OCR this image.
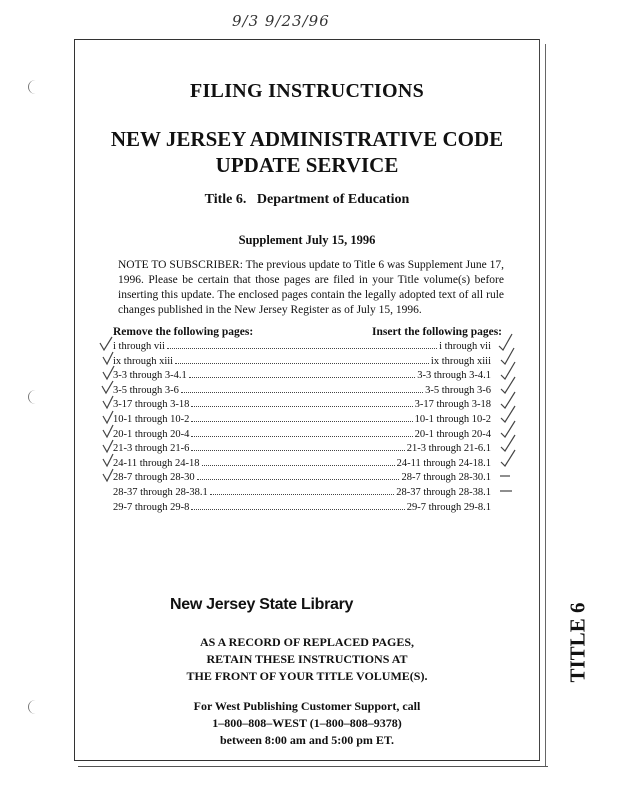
9/3 9/23/96
FILING INSTRUCTIONS
NEW JERSEY ADMINISTRATIVE CODE
UPDATE SERVICE
Title 6.   Department of Education
Supplement July 15, 1996
NOTE TO SUBSCRIBER: The previous update to Title 6 was Supplement June 17, 1996. Please be certain that those pages are filed in your Title volume(s) before inserting this update. The enclosed pages contain the legally adopted text of all rule changes published in the New Jersey Register as of July 15, 1996.
Remove the following pages:	Insert the following pages:
i through vii	i through vii
ix through xiii	ix through xiii
3-3 through 3-4.1	3-3 through 3-4.1
3-5 through 3-6	3-5 through 3-6
3-17 through 3-18	3-17 through 3-18
10-1 through 10-2	10-1 through 10-2
20-1 through 20-4	20-1 through 20-4
21-3 through 21-6	21-3 through 21-6.1
24-11 through 24-18	24-11 through 24-18.1
28-7 through 28-30	28-7 through 28-30.1
28-37 through 28-38.1	28-37 through 28-38.1
29-7 through 29-8	29-7 through 29-8.1
New Jersey State Library
AS A RECORD OF REPLACED PAGES,
RETAIN THESE INSTRUCTIONS AT
THE FRONT OF YOUR TITLE VOLUME(S).
For West Publishing Customer Support, call
1–800–808–WEST (1–800–808–9378)
between 8:00 am and 5:00 pm ET.
TITLE 6
